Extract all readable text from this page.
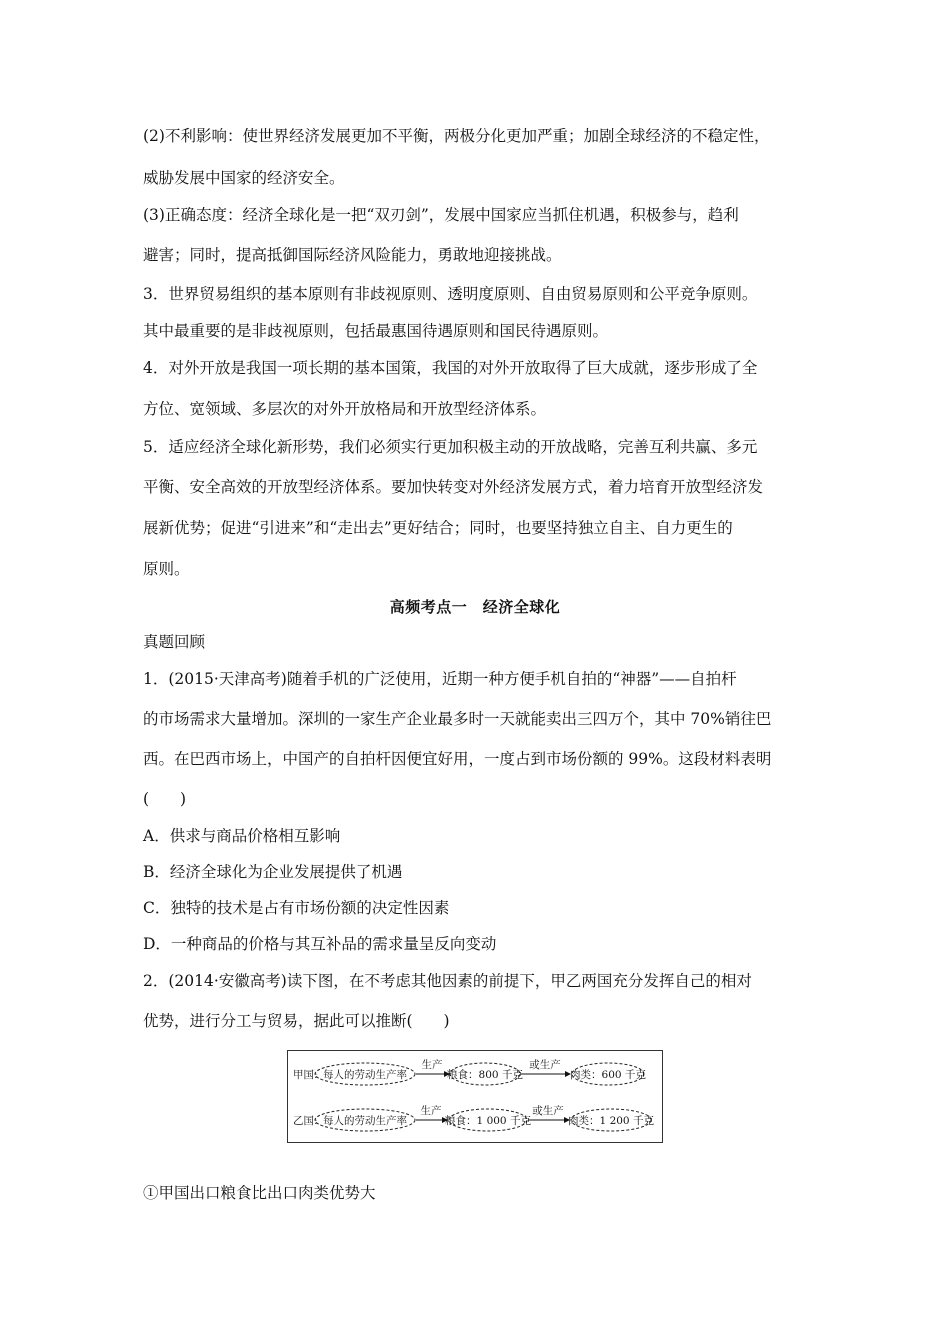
(2)不利影响：使世界经济发展更加不平衡，两极分化更加严重；加剧全球经济的不稳定性，
威胁发展中国家的经济安全。
(3)正确态度：经济全球化是一把“双刃剑”，发展中国家应当抓住机遇，积极参与，趋利
避害；同时，提高抵御国际经济风险能力，勇敢地迎接挑战。
3．世界贸易组织的基本原则有非歧视原则、透明度原则、自由贸易原则和公平竞争原则。
其中最重要的是非歧视原则，包括最惠国待遇原则和国民待遇原则。
4．对外开放是我国一项长期的基本国策，我国的对外开放取得了巨大成就，逐步形成了全
方位、宽领域、多层次的对外开放格局和开放型经济体系。
5．适应经济全球化新形势，我们必须实行更加积极主动的开放战略，完善互利共赢、多元
平衡、安全高效的开放型经济体系。要加快转变对外经济发展方式，着力培育开放型经济发
展新优势；促进“引进来”和“走出去”更好结合；同时，也要坚持独立自主、自力更生的
原则。
高频考点一　经济全球化
真题回顾
1．(2015·天津高考)随着手机的广泛使用，近期一种方便手机自拍的“神器”——自拍杆
的市场需求大量增加。深圳的一家生产企业最多时一天就能卖出三四万个，其中 70%销往巴
西。在巴西市场上，中国产的自拍杆因便宜好用，一度占到市场份额的 99%。这段材料表明
(　　)
A．供求与商品价格相互影响
B．经济全球化为企业发展提供了机遇
C．独特的技术是占有市场份额的决定性因素
D．一种商品的价格与其互补品的需求量呈反向变动
2．(2014·安徽高考)读下图，在不考虑其他因素的前提下，甲乙两国充分发挥自己的相对
优势，进行分工与贸易，据此可以推断(　　)
甲国: 每人的劳动生产率
生产
粮食：800 千克
或生产
肉类：600 千克
乙国: 每人的劳动生产率
生产
粮食：1 000 千克
或生产
肉类：1 200 千克
①甲国出口粮食比出口肉类优势大
